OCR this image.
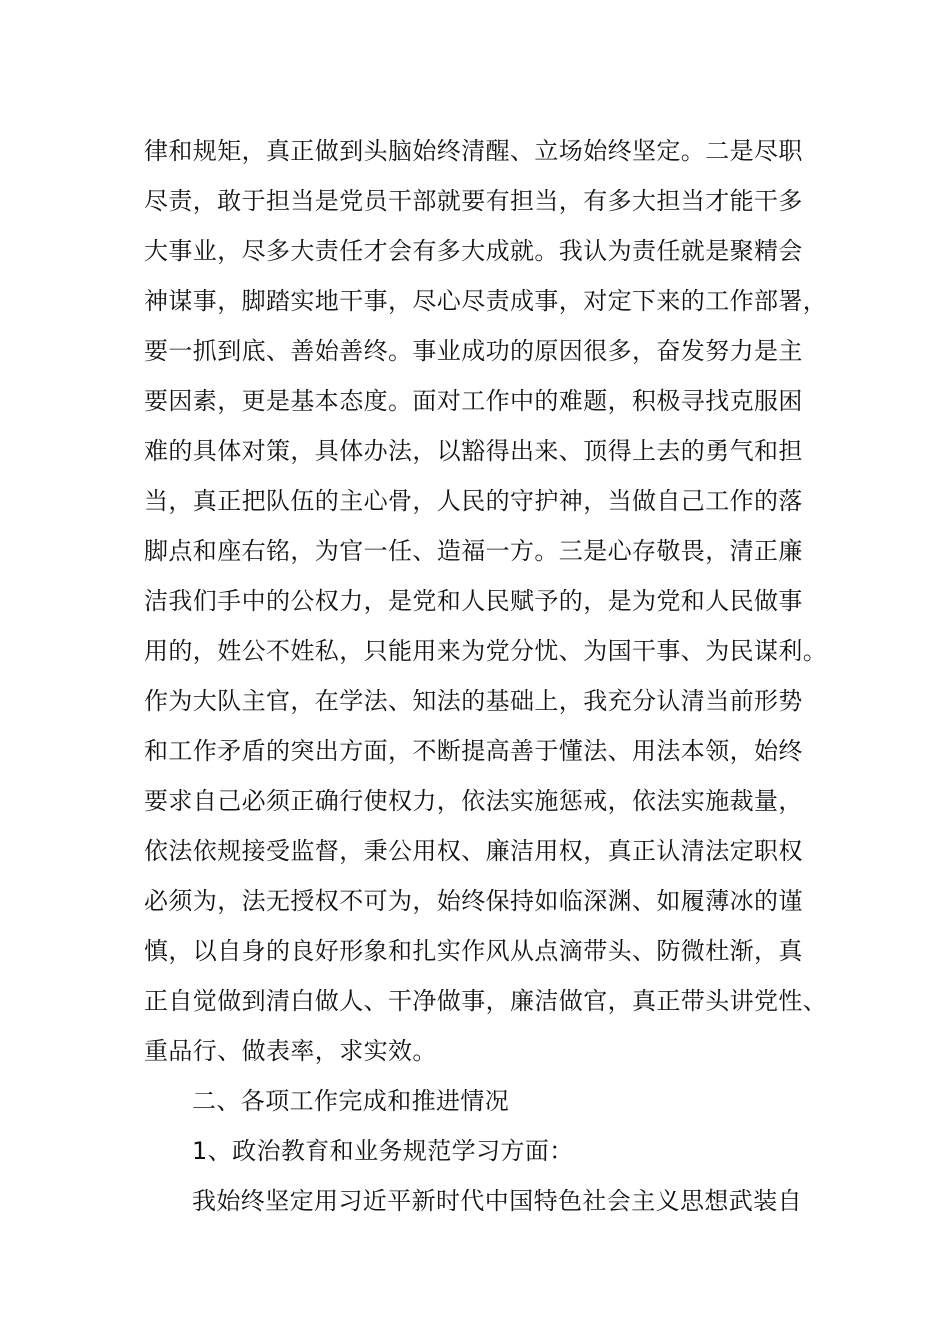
律和规矩，真正做到头脑始终清醒、立场始终坚定。二是尽职
尽责，敢于担当是党员干部就要有担当，有多大担当才能干多
大事业，尽多大责任才会有多大成就。我认为责任就是聚精会
神谋事，脚踏实地干事，尽心尽责成事，对定下来的工作部署，
要一抓到底、善始善终。事业成功的原因很多，奋发努力是主
要因素，更是基本态度。面对工作中的难题，积极寻找克服困
难的具体对策，具体办法，以豁得出来、顶得上去的勇气和担
当，真正把队伍的主心骨，人民的守护神，当做自己工作的落
脚点和座右铭，为官一任、造福一方。三是心存敬畏，清正廉
洁我们手中的公权力，是党和人民赋予的，是为党和人民做事
用的，姓公不姓私，只能用来为党分忧、为国干事、为民谋利。
作为大队主官，在学法、知法的基础上，我充分认清当前形势
和工作矛盾的突出方面，不断提高善于懂法、用法本领，始终
要求自己必须正确行使权力，依法实施惩戒，依法实施裁量，
依法依规接受监督，秉公用权、廉洁用权，真正认清法定职权
必须为，法无授权不可为，始终保持如临深渊、如履薄冰的谨
慎，以自身的良好形象和扎实作风从点滴带头、防微杜渐，真
正自觉做到清白做人、干净做事，廉洁做官，真正带头讲党性、
重品行、做表率，求实效。
二、各项工作完成和推进情况
1、政治教育和业务规范学习方面：
我始终坚定用习近平新时代中国特色社会主义思想武装自
